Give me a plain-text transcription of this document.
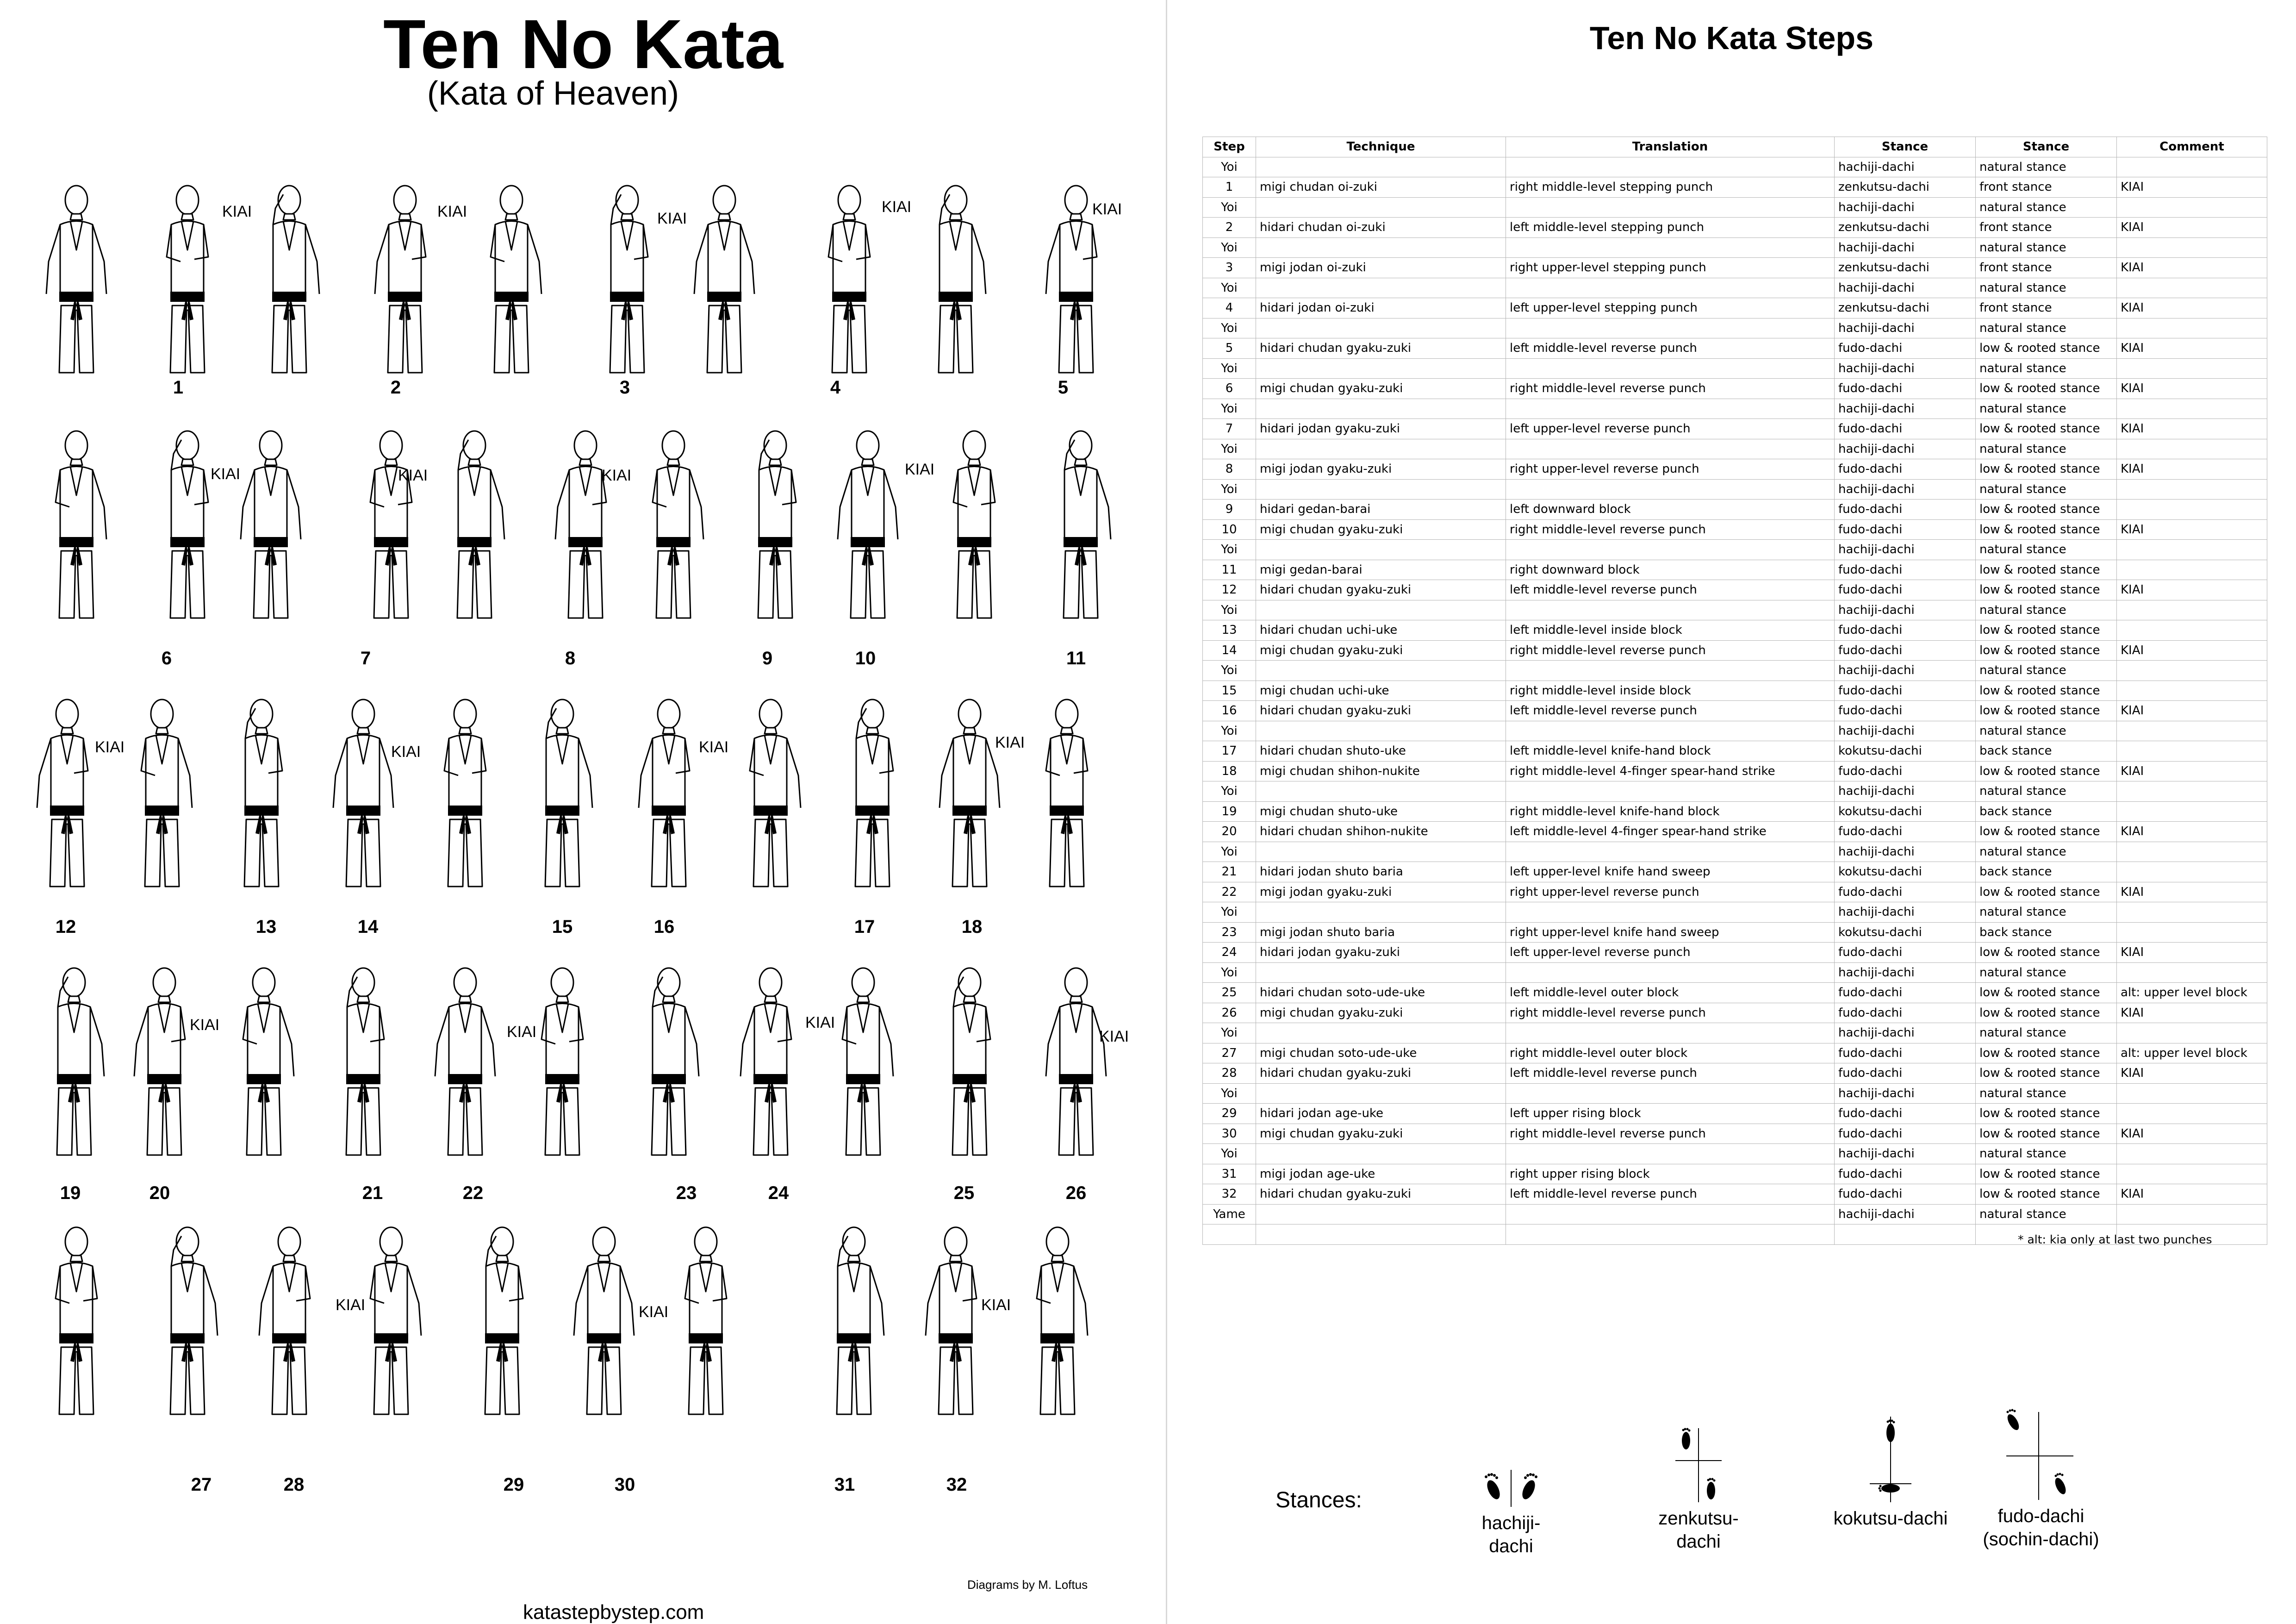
Ten No Kata
(Kata of Heaven)
KIAI	KIAI	KIAI
KIAI	KIAI
KIAI	KIAI	KIAI	KIAI
KIAI	KIAI	KIAI	KIAI
KIAI	KIAI
KIAI
KIAI
KIAI	KIAI	KIAI
1	2	3	4	5
6	7	8	9	10	11
12	13	14	15	16	17	18
19	20	21	22	23	24	25	26
27	28	29	30	31	32
Diagrams by M. Loftus
katastepbystep.com
Ten No Kata Steps
Step	Technique	Translation	Stance	Stance	Comment
Yoi			hachiji-dachi	natural stance	
1	migi chudan oi-zuki	right middle-level stepping punch	zenkutsu-dachi	front stance	KIAI
Yoi			hachiji-dachi	natural stance	
2	hidari chudan oi-zuki	left middle-level stepping punch	zenkutsu-dachi	front stance	KIAI
Yoi			hachiji-dachi	natural stance	
3	migi jodan oi-zuki	right upper-level stepping punch	zenkutsu-dachi	front stance	KIAI
Yoi			hachiji-dachi	natural stance	
4	hidari jodan oi-zuki	left upper-level stepping punch	zenkutsu-dachi	front stance	KIAI
Yoi			hachiji-dachi	natural stance	
5	hidari chudan gyaku-zuki	left middle-level reverse punch	fudo-dachi	low & rooted stance	KIAI
Yoi			hachiji-dachi	natural stance	
6	migi chudan gyaku-zuki	right middle-level reverse punch	fudo-dachi	low & rooted stance	KIAI
Yoi			hachiji-dachi	natural stance	
7	hidari jodan gyaku-zuki	left upper-level reverse punch	fudo-dachi	low & rooted stance	KIAI
Yoi			hachiji-dachi	natural stance	
8	migi jodan gyaku-zuki	right upper-level reverse punch	fudo-dachi	low & rooted stance	KIAI
Yoi			hachiji-dachi	natural stance	
9	hidari gedan-barai	left downward block	fudo-dachi	low & rooted stance	
10	migi chudan gyaku-zuki	right middle-level reverse punch	fudo-dachi	low & rooted stance	KIAI
Yoi			hachiji-dachi	natural stance	
11	migi gedan-barai	right downward block	fudo-dachi	low & rooted stance	
12	hidari chudan gyaku-zuki	left middle-level reverse punch	fudo-dachi	low & rooted stance	KIAI
Yoi			hachiji-dachi	natural stance	
13	hidari chudan uchi-uke	left middle-level inside block	fudo-dachi	low & rooted stance	
14	migi chudan gyaku-zuki	right middle-level reverse punch	fudo-dachi	low & rooted stance	KIAI
Yoi			hachiji-dachi	natural stance	
15	migi chudan uchi-uke	right middle-level inside block	fudo-dachi	low & rooted stance	
16	hidari chudan gyaku-zuki	left middle-level reverse punch	fudo-dachi	low & rooted stance	KIAI
Yoi			hachiji-dachi	natural stance	
17	hidari chudan shuto-uke	left middle-level knife-hand block	kokutsu-dachi	back stance	
18	migi chudan shihon-nukite	right middle-level 4-finger spear-hand strike	fudo-dachi	low & rooted stance	KIAI
Yoi			hachiji-dachi	natural stance	
19	migi chudan shuto-uke	right middle-level knife-hand block	kokutsu-dachi	back stance	
20	hidari chudan shihon-nukite	left middle-level 4-finger spear-hand strike	fudo-dachi	low & rooted stance	KIAI
Yoi			hachiji-dachi	natural stance	
21	hidari jodan shuto baria	left upper-level knife hand sweep	kokutsu-dachi	back stance	
22	migi jodan gyaku-zuki	right upper-level reverse punch	fudo-dachi	low & rooted stance	KIAI
Yoi			hachiji-dachi	natural stance	
23	migi jodan shuto baria	right upper-level knife hand sweep	kokutsu-dachi	back stance	
24	hidari jodan gyaku-zuki	left upper-level reverse punch	fudo-dachi	low & rooted stance	KIAI
Yoi			hachiji-dachi	natural stance	
25	hidari chudan soto-ude-uke	left middle-level outer block	fudo-dachi	low & rooted stance	alt: upper level block
26	migi chudan gyaku-zuki	right middle-level reverse punch	fudo-dachi	low & rooted stance	KIAI
Yoi			hachiji-dachi	natural stance	
27	migi chudan soto-ude-uke	right middle-level outer block	fudo-dachi	low & rooted stance	alt: upper level block
28	hidari chudan gyaku-zuki	left middle-level reverse punch	fudo-dachi	low & rooted stance	KIAI
Yoi			hachiji-dachi	natural stance	
29	hidari jodan age-uke	left upper rising block	fudo-dachi	low & rooted stance	
30	migi chudan gyaku-zuki	right middle-level reverse punch	fudo-dachi	low & rooted stance	KIAI
Yoi			hachiji-dachi	natural stance	
31	migi jodan age-uke	right upper rising block	fudo-dachi	low & rooted stance	
32	hidari chudan gyaku-zuki	left middle-level reverse punch	fudo-dachi	low & rooted stance	KIAI
Yame			hachiji-dachi	natural stance	

* alt: kia only at last two punches
Stances:
hachiji-dachi
zenkutsu-dachi
kokutsu-dachi	fudo-dachi
(sochin-dachi)
